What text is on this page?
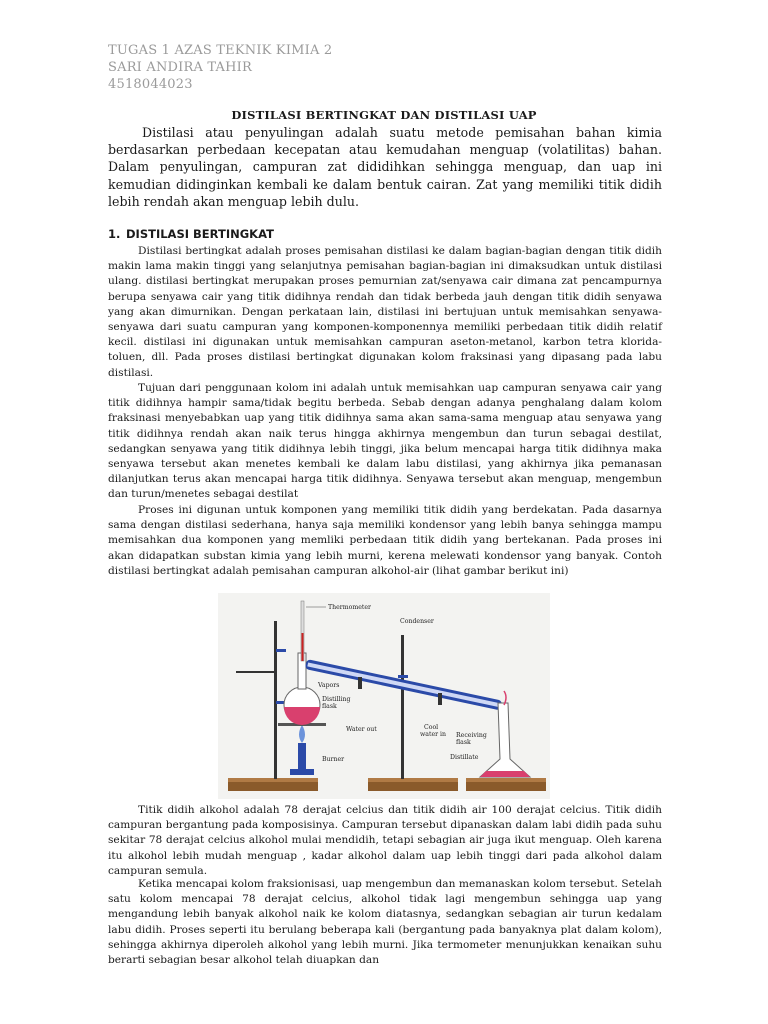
TUGAS 1 AZAS TEKNIK KIMIA 2
SARI ANDIRA TAHIR
4518044023
DISTILASI BERTINGKAT DAN DISTILASI UAP
Distilasi atau penyulingan adalah suatu metode pemisahan bahan kimia berdasarkan perbedaan kecepatan atau kemudahan menguap (volatilitas) bahan. Dalam penyulingan, campuran zat dididihkan sehingga menguap, dan uap ini kemudian didinginkan kembali ke dalam bentuk cairan. Zat yang memiliki titik didih lebih rendah akan menguap lebih dulu.
1. DISTILASI BERTINGKAT
Distilasi bertingkat adalah proses pemisahan distilasi ke dalam bagian-bagian dengan titik didih makin lama makin tinggi yang selanjutnya pemisahan bagian-bagian ini dimaksudkan untuk distilasi ulang. distilasi bertingkat merupakan proses pemurnian zat/senyawa cair dimana zat pencampurnya berupa senyawa cair yang titik didihnya rendah dan tidak berbeda jauh dengan titik didih senyawa yang akan dimurnikan. Dengan perkataan lain, distilasi ini bertujuan untuk memisahkan senyawa-senyawa dari suatu campuran yang komponen-komponennya memiliki perbedaan titik didih relatif kecil. distilasi ini digunakan untuk memisahkan campuran aseton-metanol, karbon tetra klorida-toluen, dll. Pada proses distilasi bertingkat digunakan kolom fraksinasi yang dipasang pada labu distilasi.
Tujuan dari penggunaan kolom ini adalah untuk memisahkan uap campuran senyawa cair yang titik didihnya hampir sama/tidak begitu berbeda. Sebab dengan adanya penghalang dalam kolom fraksinasi menyebabkan uap yang titik didihnya sama akan sama-sama menguap atau senyawa yang titik didihnya rendah akan naik terus hingga akhirnya mengembun dan turun sebagai destilat, sedangkan senyawa yang titik didihnya lebih tinggi, jika belum mencapai harga titik didihnya maka senyawa tersebut akan menetes kembali ke dalam labu distilasi, yang akhirnya jika pemanasan dilanjutkan terus akan mencapai harga titik didihnya. Senyawa tersebut akan menguap, mengembun dan turun/menetes sebagai destilat
Proses ini digunan untuk komponen yang memiliki titik didih yang berdekatan. Pada dasarnya sama dengan distilasi sederhana, hanya saja memiliki kondensor yang lebih banya sehingga mampu memisahkan dua komponen yang memliki perbedaan titik didih yang bertekanan. Pada proses ini akan didapatkan substan kimia yang lebih murni, kerena melewati kondensor yang banyak. Contoh distilasi bertingkat adalah pemisahan campuran alkohol-air (lihat gambar berikut ini)
Thermometer
Condenser
Vapors
Distilling
flask
Water out	Cool
water in Receiving
flask
Distillate
Burner
Titik didih alkohol adalah 78 derajat celcius dan titik didih air 100 derajat celcius. Titik didih campuran bergantung pada komposisinya. Campuran tersebut dipanaskan dalam labi didih pada suhu sekitar 78 derajat celcius alkohol mulai mendidih, tetapi sebagian air juga ikut menguap. Oleh karena itu alkohol lebih mudah menguap , kadar alkohol dalam uap lebih tinggi dari pada alkohol dalam campuran semula.
Ketika mencapai kolom fraksionisasi, uap mengembun dan memanaskan kolom tersebut. Setelah satu kolom mencapai 78 derajat celcius, alkohol tidak lagi mengembun sehingga uap yang mengandung lebih banyak alkohol naik ke kolom diatasnya, sedangkan sebagian air turun kedalam labu didih. Proses seperti itu berulang beberapa kali (bergantung pada banyaknya plat dalam kolom), sehingga akhirnya diperoleh alkohol yang lebih murni. Jika termometer menunjukkan kenaikan suhu berarti sebagian besar alkohol telah diuapkan dan
